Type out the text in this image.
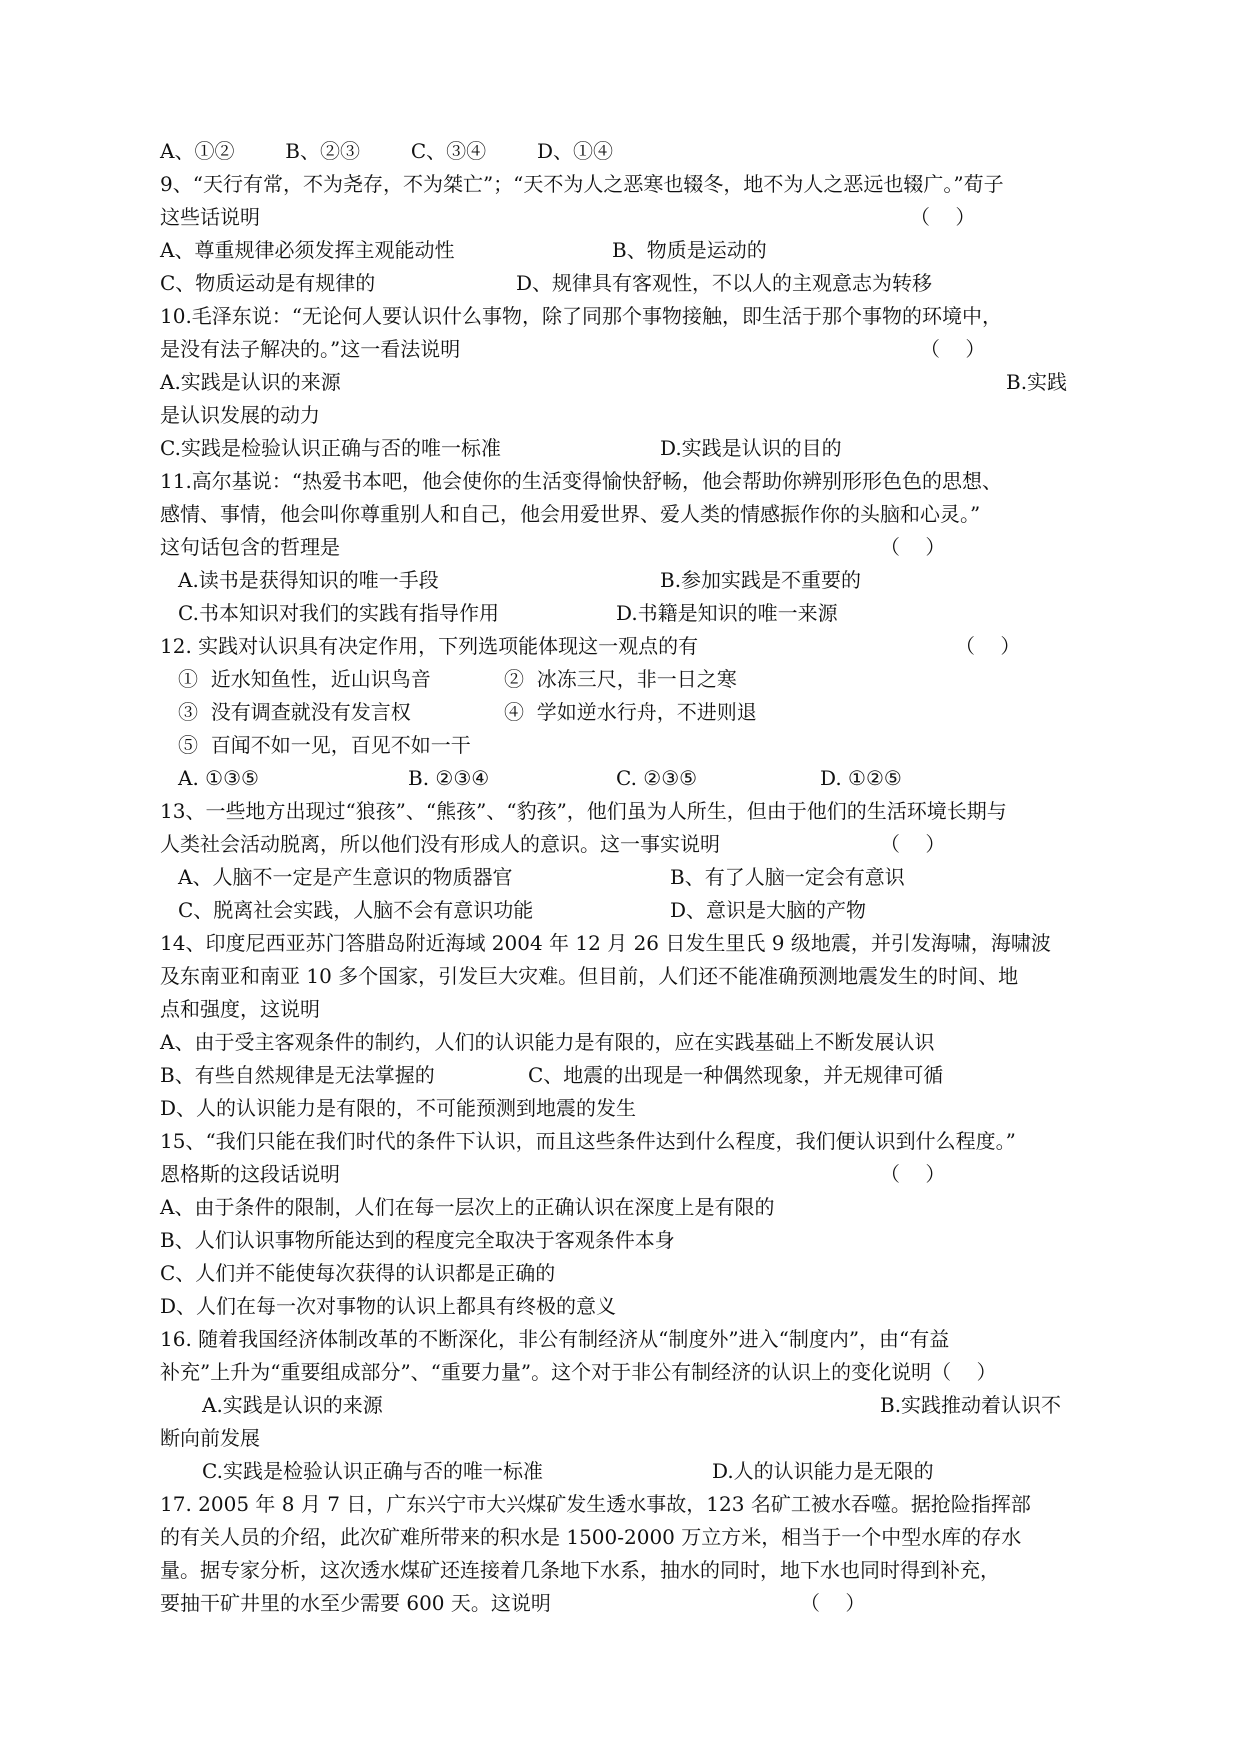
A、①②        B、②③        C、③④        D、①④
9、“天行有常，不为尧存，不为桀亡”；“天不为人之恶寒也辍冬，地不为人之恶远也辍广。”荀子
这些话说明	（    ）
A、尊重规律必须发挥主观能动性	B、物质是运动的
C、物质运动是有规律的	D、规律具有客观性，不以人的主观意志为转移
10.毛泽东说：“无论何人要认识什么事物，除了同那个事物接触，即生活于那个事物的环境中，
是没有法子解决的。”这一看法说明	（    ）
A.实践是认识的来源	B.实践
是认识发展的动力
C.实践是检验认识正确与否的唯一标准	D.实践是认识的目的
11.高尔基说：“热爱书本吧，他会使你的生活变得愉快舒畅，他会帮助你辨别形形色色的思想、
感情、事情，他会叫你尊重别人和自己，他会用爱世界、爱人类的情感振作你的头脑和心灵。”
这句话包含的哲理是	（    ）
A.读书是获得知识的唯一手段	B.参加实践是不重要的
C.书本知识对我们的实践有指导作用	D.书籍是知识的唯一来源
12. 实践对认识具有决定作用，下列选项能体现这一观点的有	（    ）
①  近水知鱼性，近山识鸟音	②  冰冻三尺，非一日之寒
③  没有调查就没有发言权	④  学如逆水行舟，不进则退
⑤  百闻不如一见，百见不如一干
A. ①③⑤	B. ②③④	C. ②③⑤	D. ①②⑤
13、一些地方出现过“狼孩”、“熊孩”、“豹孩”，他们虽为人所生，但由于他们的生活环境长期与
人类社会活动脱离，所以他们没有形成人的意识。这一事实说明	（    ）
A、人脑不一定是产生意识的物质器官	B、有了人脑一定会有意识
C、脱离社会实践，人脑不会有意识功能	D、意识是大脑的产物
14、印度尼西亚苏门答腊岛附近海域 2004 年 12 月 26 日发生里氏 9 级地震，并引发海啸，海啸波
及东南亚和南亚 10 多个国家，引发巨大灾难。但目前，人们还不能准确预测地震发生的时间、地
点和强度，这说明
A、由于受主客观条件的制约，人们的认识能力是有限的，应在实践基础上不断发展认识
B、有些自然规律是无法掌握的	C、地震的出现是一种偶然现象，并无规律可循
D、人的认识能力是有限的，不可能预测到地震的发生
15、“我们只能在我们时代的条件下认识，而且这些条件达到什么程度，我们便认识到什么程度。”
恩格斯的这段话说明	（    ）
A、由于条件的限制，人们在每一层次上的正确认识在深度上是有限的
B、人们认识事物所能达到的程度完全取决于客观条件本身
C、人们并不能使每次获得的认识都是正确的
D、人们在每一次对事物的认识上都具有终极的意义
16. 随着我国经济体制改革的不断深化，非公有制经济从“制度外”进入“制度内”，由“有益
补充”上升为“重要组成部分”、“重要力量”。这个对于非公有制经济的认识上的变化说明（    ）
A.实践是认识的来源	B.实践推动着认识不
断向前发展
C.实践是检验认识正确与否的唯一标准	D.人的认识能力是无限的
17. 2005 年 8 月 7 日，广东兴宁市大兴煤矿发生透水事故，123 名矿工被水吞噬。据抢险指挥部
的有关人员的介绍，此次矿难所带来的积水是 1500-2000 万立方米，相当于一个中型水库的存水
量。据专家分析，这次透水煤矿还连接着几条地下水系，抽水的同时，地下水也同时得到补充，
要抽干矿井里的水至少需要 600 天。这说明	（    ）
